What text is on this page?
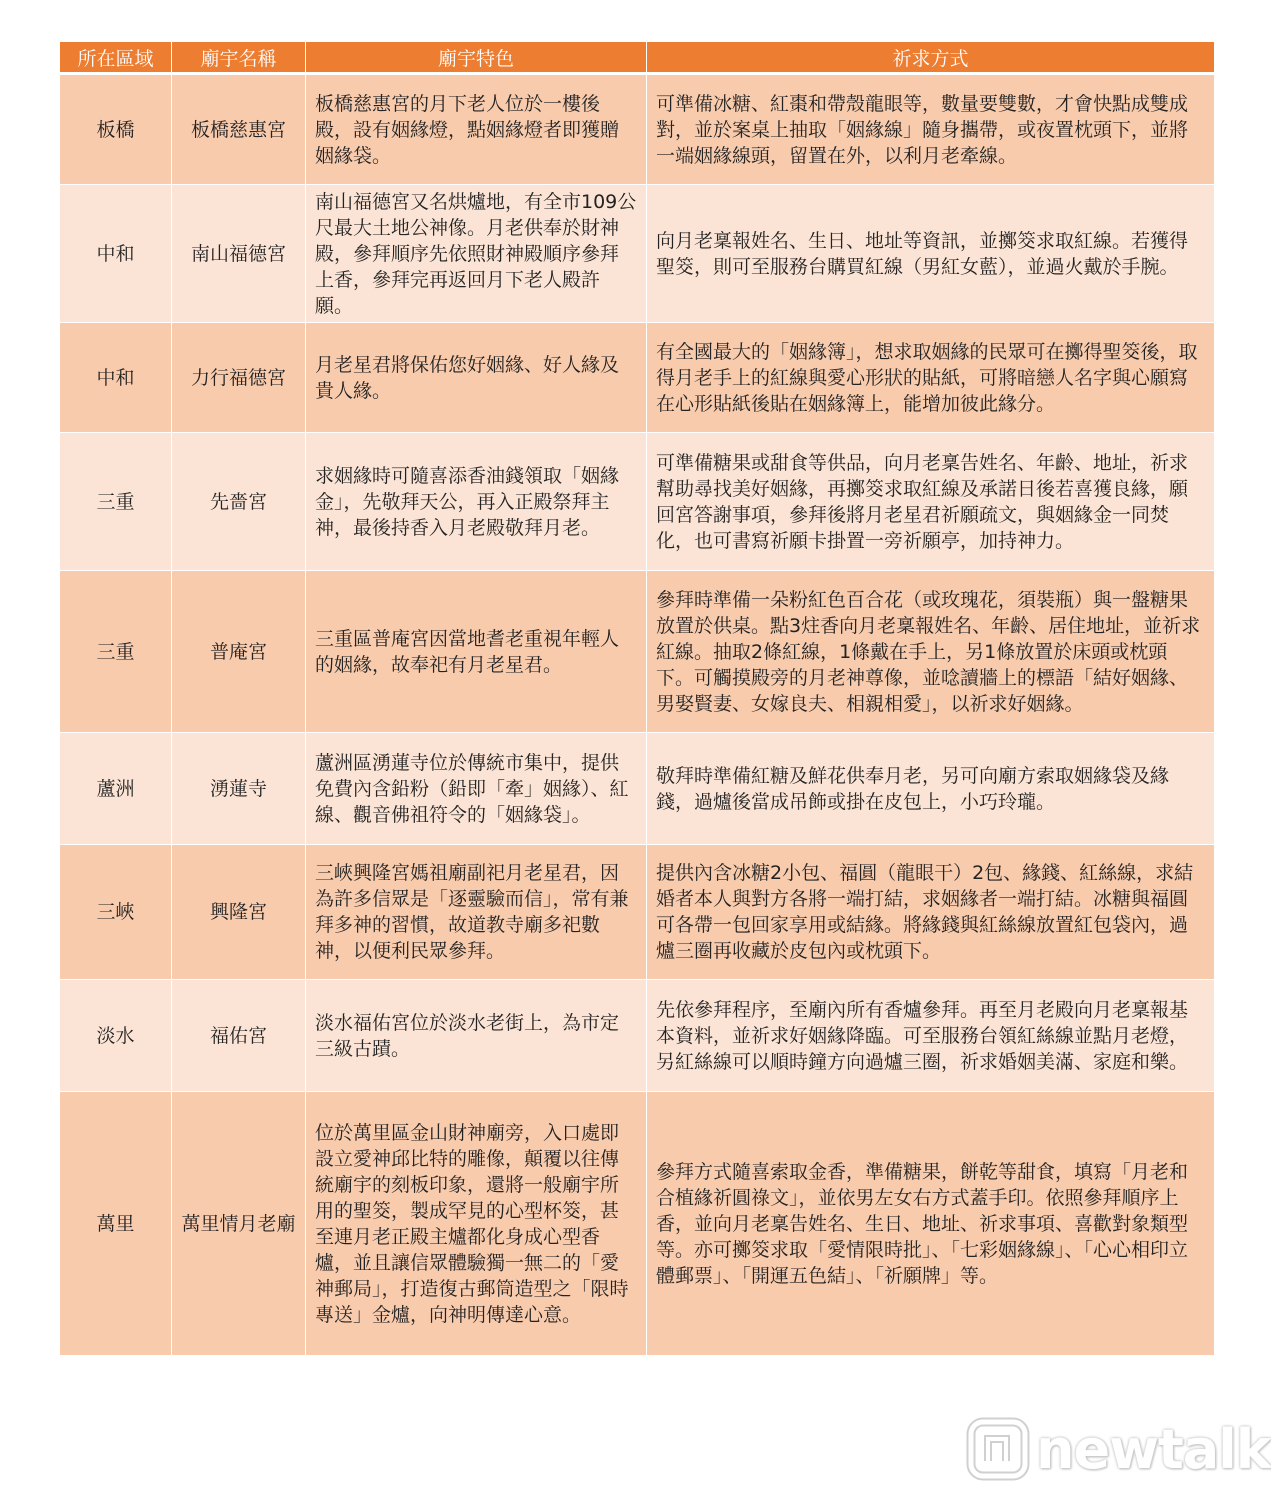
所在區域	廟宇名稱	廟宇特色	祈求方式
板橋	板橋慈惠宮	板橋慈惠宮的月下老人位於一樓後殿，設有姻緣燈，點姻緣燈者即獲贈姻緣袋。	可準備冰糖、紅棗和帶殼龍眼等，數量要雙數，才會快點成雙成對，並於案桌上抽取「姻緣線」隨身攜帶，或夜置枕頭下，並將一端姻緣線頭，留置在外，以利月老牽線。
中和	南山福德宮	南山福德宮又名烘爐地，有全市109公尺最大土地公神像。月老供奉於財神殿，參拜順序先依照財神殿順序參拜上香，參拜完再返回月下老人殿許願。	向月老稟報姓名、生日、地址等資訊，並擲筊求取紅線。若獲得聖筊，則可至服務台購買紅線（男紅女藍），並過火戴於手腕。
中和	力行福德宮	月老星君將保佑您好姻緣、好人緣及貴人緣。	有全國最大的「姻緣簿」，想求取姻緣的民眾可在擲得聖筊後，取得月老手上的紅線與愛心形狀的貼紙，可將暗戀人名字與心願寫在心形貼紙後貼在姻緣簿上，能增加彼此緣分。
三重	先嗇宮	求姻緣時可隨喜添香油錢領取「姻緣金」，先敬拜天公，再入正殿祭拜主神，最後持香入月老殿敬拜月老。	可準備糖果或甜食等供品，向月老稟告姓名、年齡、地址，祈求幫助尋找美好姻緣，再擲筊求取紅線及承諾日後若喜獲良緣，願回宮答謝事項，參拜後將月老星君祈願疏文，與姻緣金一同焚化，也可書寫祈願卡掛置一旁祈願亭，加持神力。
三重	普庵宮	三重區普庵宮因當地耆老重視年輕人的姻緣，故奉祀有月老星君。	參拜時準備一朵粉紅色百合花（或玫瑰花，須裝瓶）與一盤糖果放置於供桌。點3炷香向月老稟報姓名、年齡、居住地址，並祈求紅線。抽取2條紅線，1條戴在手上，另1條放置於床頭或枕頭下。可觸摸殿旁的月老神尊像，並唸讀牆上的標語「結好姻緣、男娶賢妻、女嫁良夫、相親相愛」，以祈求好姻緣。
蘆洲	湧蓮寺	蘆洲區湧蓮寺位於傳統市集中，提供免費內含鉛粉（鉛即「牽」姻緣）、紅線、觀音佛祖符令的「姻緣袋」。	敬拜時準備紅糖及鮮花供奉月老，另可向廟方索取姻緣袋及緣錢，過爐後當成吊飾或掛在皮包上，小巧玲瓏。
三峽	興隆宮	三峽興隆宮媽祖廟副祀月老星君，因為許多信眾是「逐靈驗而信」，常有兼拜多神的習慣，故道教寺廟多祀數神，以便利民眾參拜。	提供內含冰糖2小包、福圓（龍眼干）2包、緣錢、紅絲線，求結婚者本人與對方各將一端打結，求姻緣者一端打結。冰糖與福圓可各帶一包回家享用或結緣。將緣錢與紅絲線放置紅包袋內，過爐三圈再收藏於皮包內或枕頭下。
淡水	福佑宮	淡水福佑宮位於淡水老街上，為市定三級古蹟。	先依參拜程序，至廟內所有香爐參拜。再至月老殿向月老稟報基本資料，並祈求好姻緣降臨。可至服務台領紅絲線並點月老燈，另紅絲線可以順時鐘方向過爐三圈，祈求婚姻美滿、家庭和樂。
萬里	萬里情月老廟	位於萬里區金山財神廟旁，入口處即設立愛神邱比特的雕像，顛覆以往傳統廟宇的刻板印象，還將一般廟宇所用的聖筊，製成罕見的心型杯筊，甚至連月老正殿主爐都化身成心型香爐，並且讓信眾體驗獨一無二的「愛神郵局」，打造復古郵筒造型之「限時專送」金爐，向神明傳達心意。	參拜方式隨喜索取金香，準備糖果，餅乾等甜食，填寫「月老和合植緣祈圓祿文」，並依男左女右方式蓋手印。依照參拜順序上香，並向月老稟告姓名、生日、地址、祈求事項、喜歡對象類型等。亦可擲筊求取「愛情限時批」、「七彩姻緣線」、「心心相印立體郵票」、「開運五色結」、「祈願牌」等。
newtalk
